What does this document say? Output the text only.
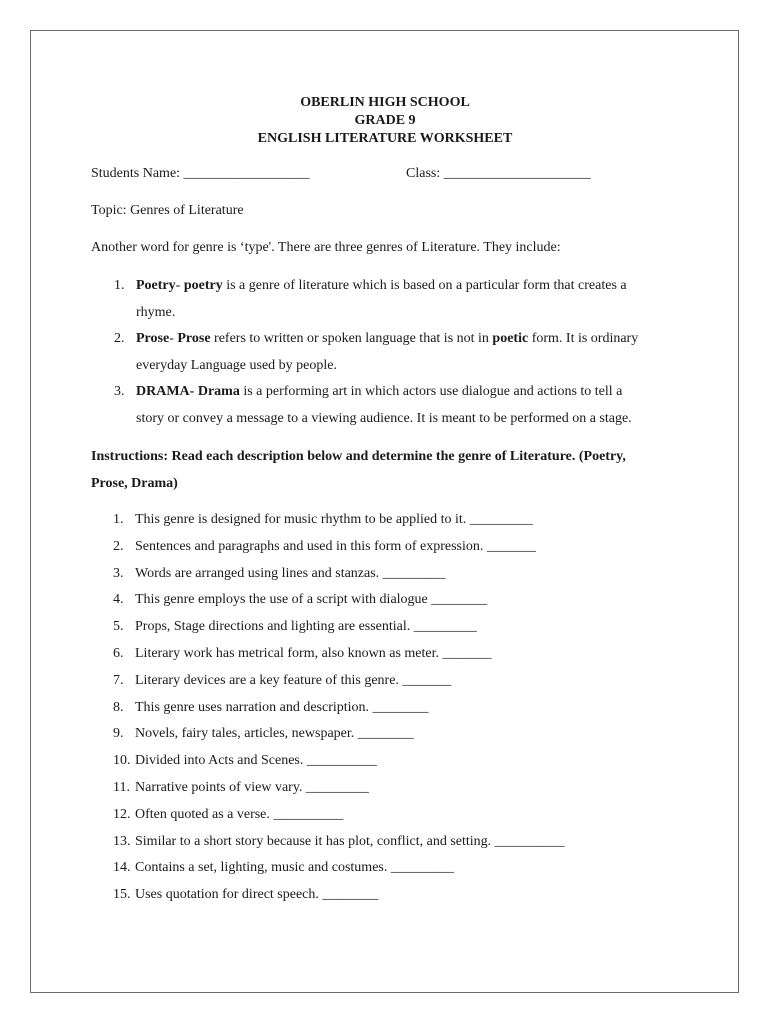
OBERLIN HIGH SCHOOL
GRADE 9
ENGLISH LITERATURE WORKSHEET
Students Name: __________________	Class: _____________________
Topic: Genres of Literature
Another word for genre is ‘type'. There are three genres of Literature. They include:
1. Poetry- poetry is a genre of literature which is based on a particular form that creates a
rhyme.
2. Prose- Prose refers to written or spoken language that is not in poetic form. It is ordinary
everyday Language used by people.
3. DRAMA- Drama is a performing art in which actors use dialogue and actions to tell a
story or convey a message to a viewing audience. It is meant to be performed on a stage.
Instructions: Read each description below and determine the genre of Literature. (Poetry,
Prose, Drama)
1. This genre is designed for music rhythm to be applied to it. _________
2. Sentences and paragraphs and used in this form of expression. _______
3. Words are arranged using lines and stanzas. _________
4. This genre employs the use of a script with dialogue ________
5. Props, Stage directions and lighting are essential. _________
6. Literary work has metrical form, also known as meter. _______
7. Literary devices are a key feature of this genre. _______
8. This genre uses narration and description. ________
9. Novels, fairy tales, articles, newspaper. ________
10. Divided into Acts and Scenes. __________
11. Narrative points of view vary. _________
12. Often quoted as a verse. __________
13. Similar to a short story because it has plot, conflict, and setting. __________
14. Contains a set, lighting, music and costumes. _________
15. Uses quotation for direct speech. ________
